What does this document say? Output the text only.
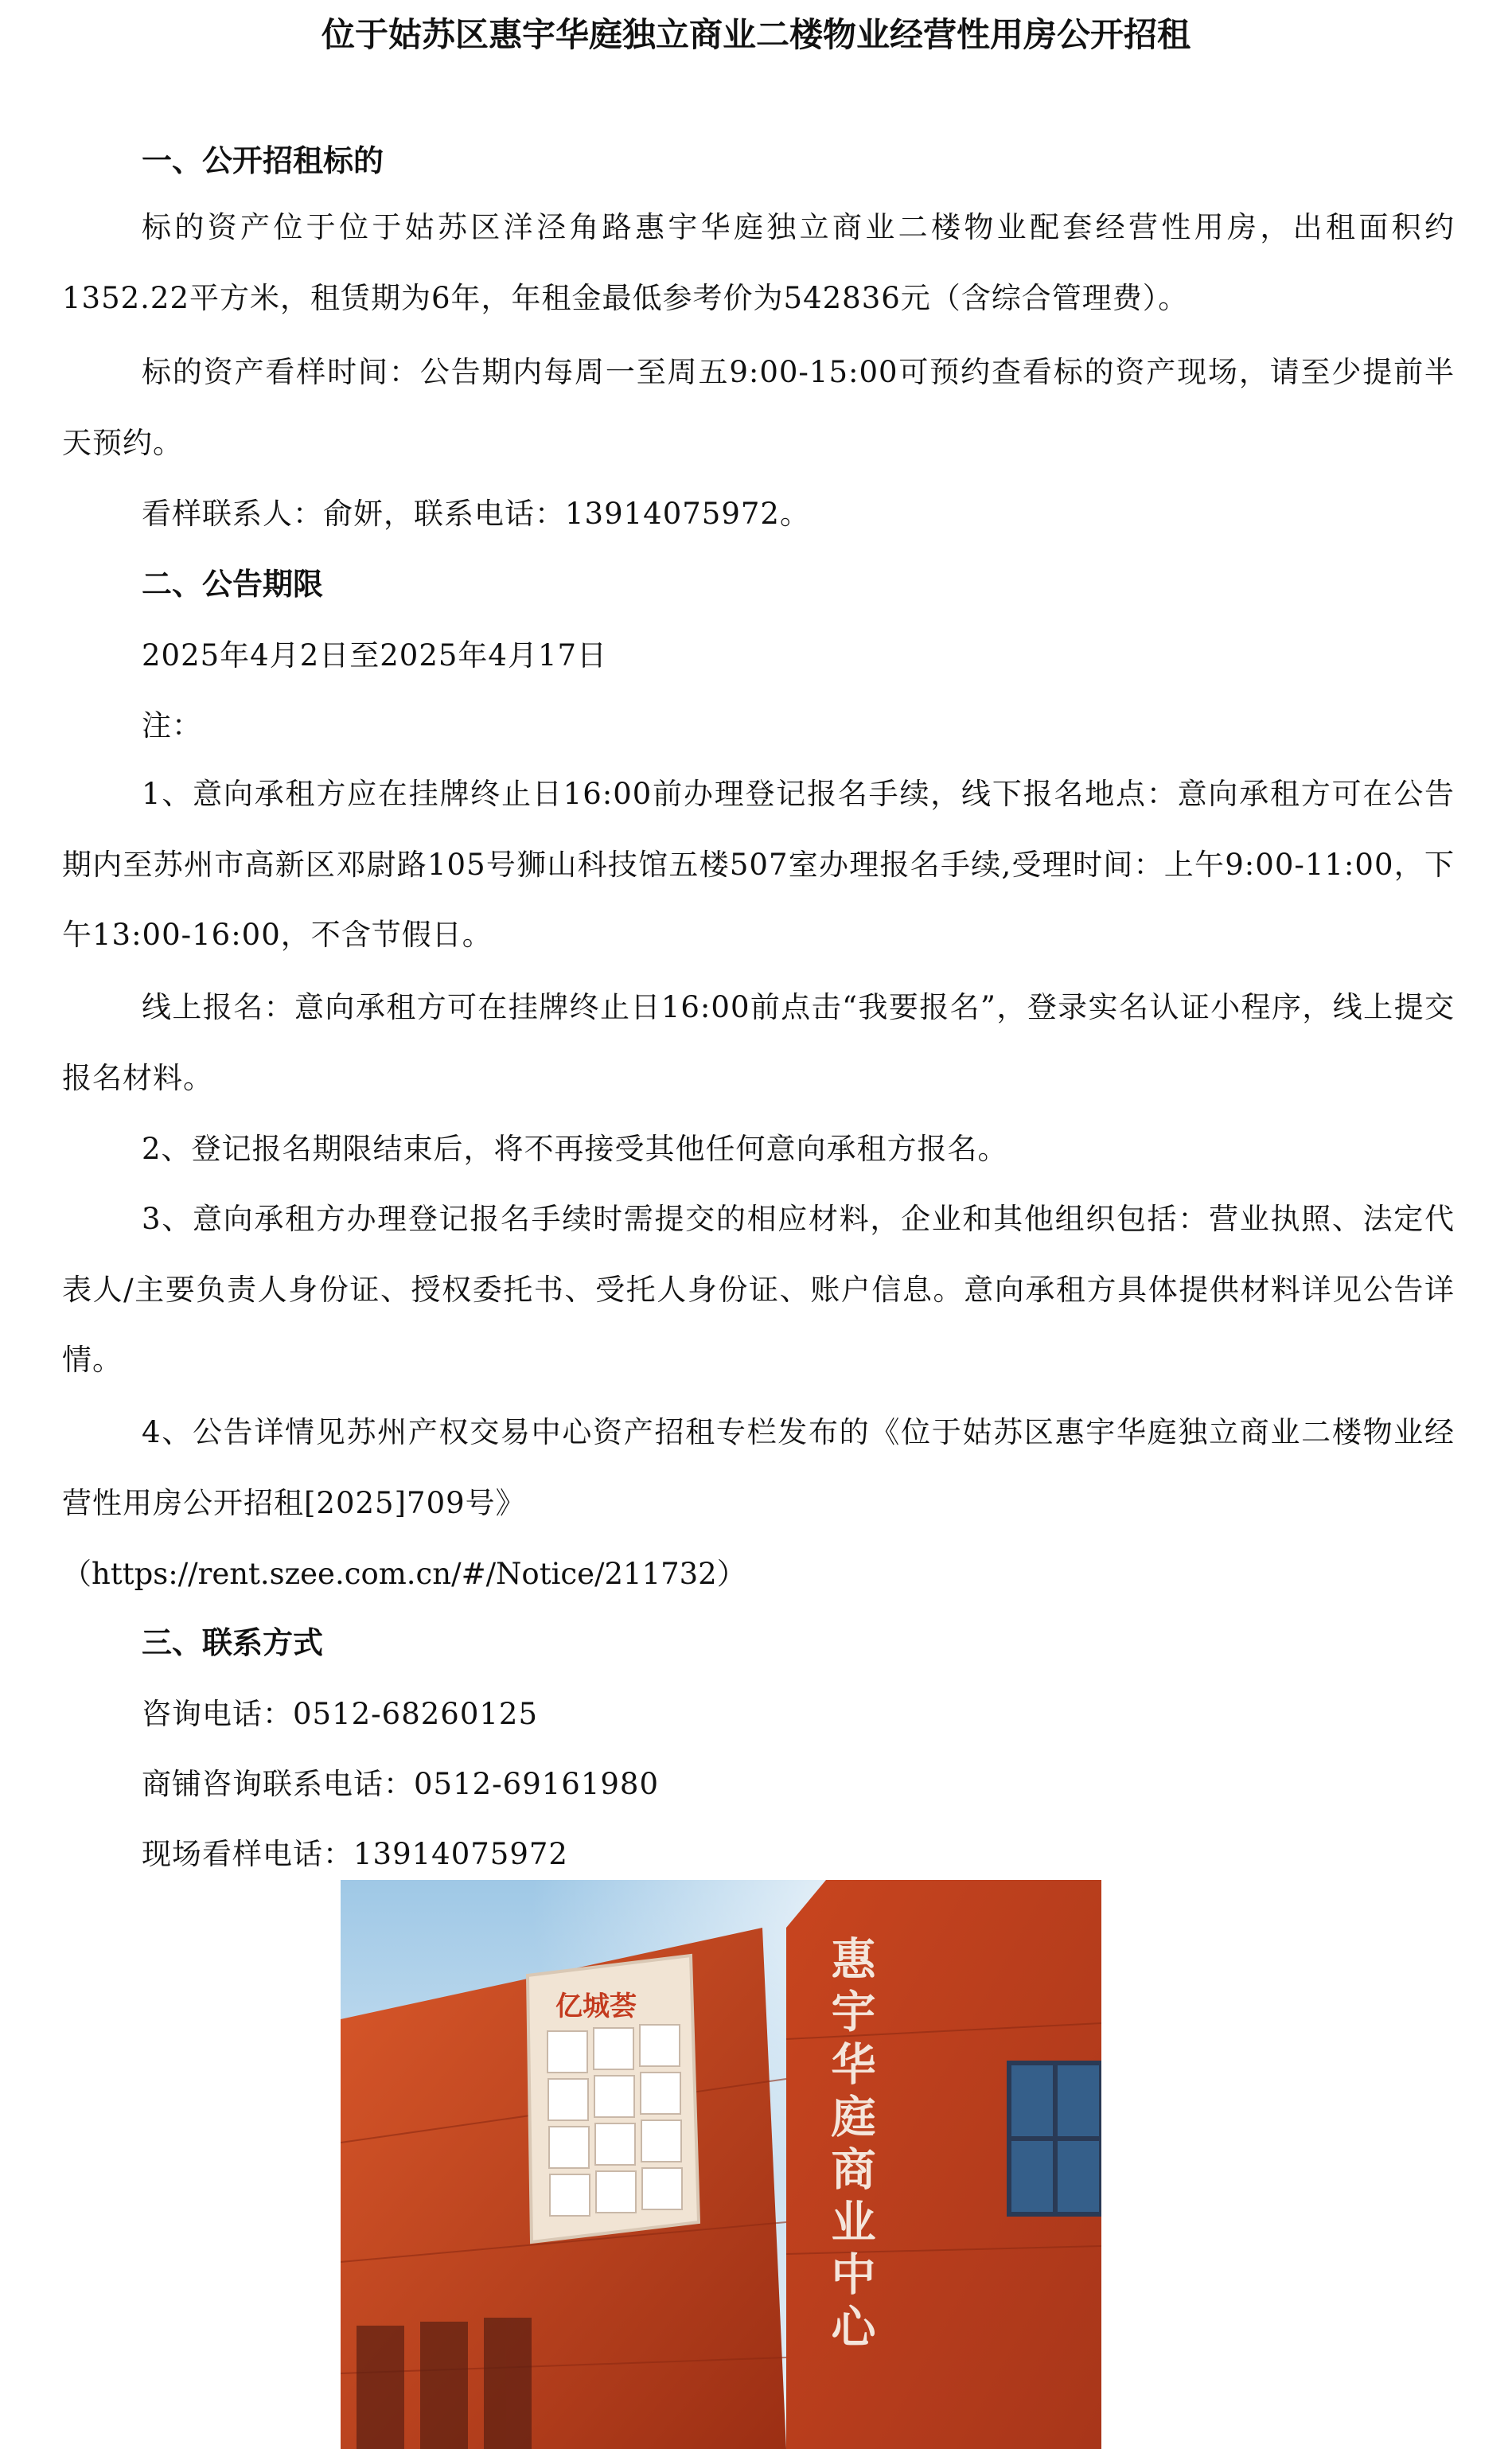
位于姑苏区惠宇华庭独立商业二楼物业经营性用房公开招租
一、公开招租标的

标的资产位于位于姑苏区洋泾角路惠宇华庭独立商业二楼物业配套经营性用房，出租面积约1352.22平方米，租赁期为6年，年租金最低参考价为542836元（含综合管理费）。

标的资产看样时间：公告期内每周一至周五9:00-15:00可预约查看标的资产现场，请至少提前半天预约。

看样联系人：俞妍，联系电话：13914075972。
二、公告期限
2025年4月2日至2025年4月17日
注：

1、意向承租方应在挂牌终止日16:00前办理登记报名手续，线下报名地点：意向承租方可在公告期内至苏州市高新区邓尉路105号狮山科技馆五楼507室办理报名手续,受理时间：上午9:00-11:00，下午13:00-16:00，不含节假日。

线上报名：意向承租方可在挂牌终止日16:00前点击“我要报名”，登录实名认证小程序，线上提交报名材料。

2、登记报名期限结束后，将不再接受其他任何意向承租方报名。

3、意向承租方办理登记报名手续时需提交的相应材料，企业和其他组织包括：营业执照、法定代表人/主要负责人身份证、授权委托书、受托人身份证、账户信息。意向承租方具体提供材料详见公告详情。

4、公告详情见苏州产权交易中心资产招租专栏发布的《位于姑苏区惠宇华庭独立商业二楼物业经营性用房公开招租[2025]709号》

（https://rent.szee.com.cn/#/Notice/211732）
三、联系方式
咨询电话：0512-68260125
商铺咨询联系电话：0512-69161980
现场看样电话：13914075972
亿城荟	惠宇华庭商业中心
